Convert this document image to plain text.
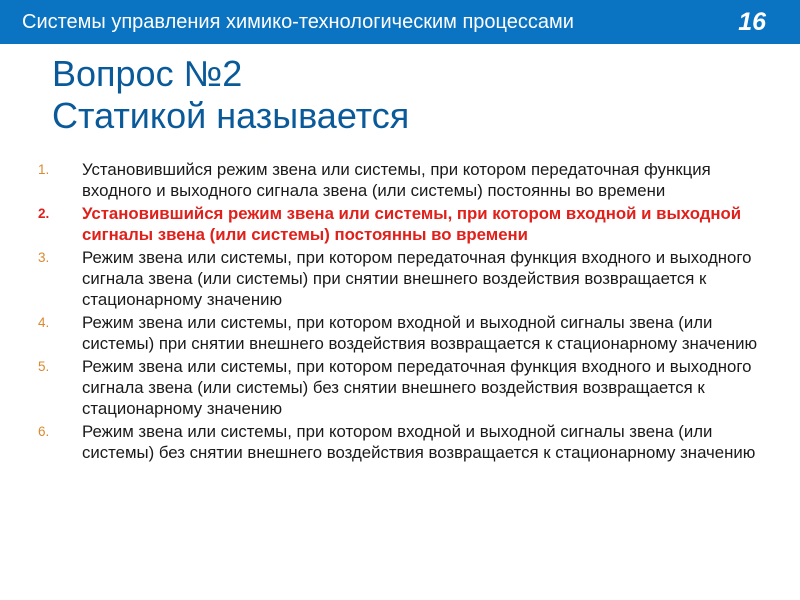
Системы управления химико-технологическим процессами	16
Вопрос №2
Статикой называется
1. Установившийся режим звена или системы, при котором передаточная функция входного и выходного сигнала звена (или системы) постоянны во времени
2. Установившийся режим звена или системы, при котором входной и выходной сигналы звена (или системы) постоянны во времени
3. Режим звена или системы, при котором передаточная функция входного и выходного сигнала звена (или системы) при снятии внешнего воздействия возвращается к стационарному значению
4. Режим звена или системы, при котором входной и выходной сигналы звена (или системы) при снятии внешнего воздействия возвращается к стационарному значению
5. Режим звена или системы, при котором передаточная функция входного и выходного сигнала звена (или системы) без снятии внешнего воздействия возвращается к стационарному значению
6. Режим звена или системы, при котором входной и выходной сигналы звена (или системы) без снятии внешнего воздействия возвращается к стационарному значению
